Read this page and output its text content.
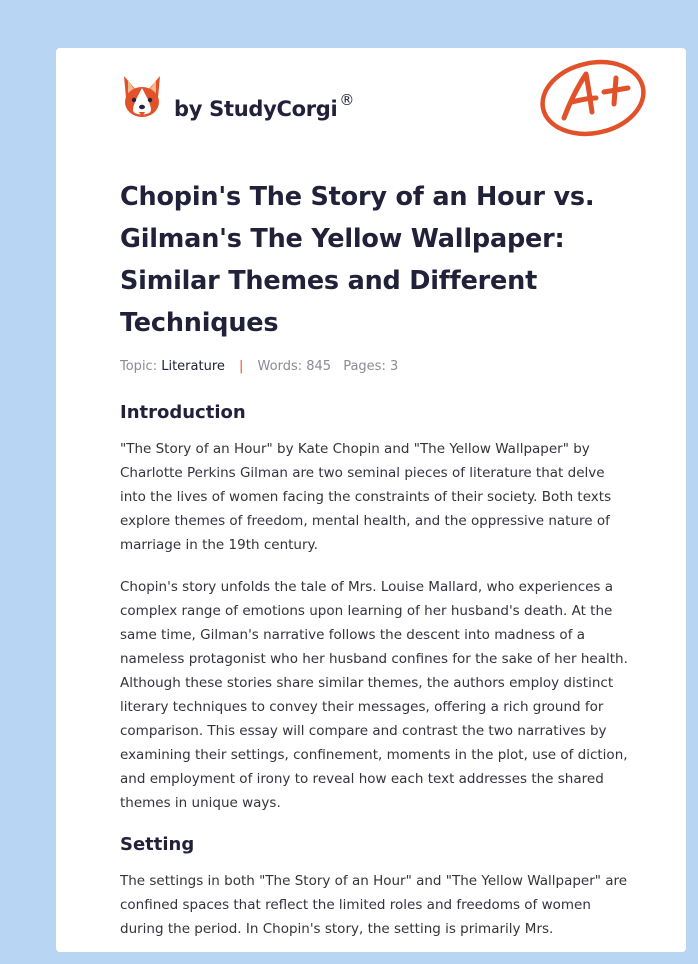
by StudyCorgi ®
Chopin's The Story of an Hour vs. Gilman's The Yellow Wallpaper: Similar Themes and Different Techniques
Topic: Literature | Words: 845 Pages: 3
Introduction

"The Story of an Hour" by Kate Chopin and "The Yellow Wallpaper" by Charlotte Perkins Gilman are two seminal pieces of literature that delve into the lives of women facing the constraints of their society. Both texts explore themes of freedom, mental health, and the oppressive nature of marriage in the 19th century.

Chopin's story unfolds the tale of Mrs. Louise Mallard, who experiences a complex range of emotions upon learning of her husband's death. At the same time, Gilman's narrative follows the descent into madness of a nameless protagonist who her husband confines for the sake of her health. Although these stories share similar themes, the authors employ distinct literary techniques to convey their messages, offering a rich ground for comparison. This essay will compare and contrast the two narratives by examining their settings, confinement, moments in the plot, use of diction, and employment of irony to reveal how each text addresses the shared themes in unique ways.

Setting

The settings in both "The Story of an Hour" and "The Yellow Wallpaper" are confined spaces that reflect the limited roles and freedoms of women during the period. In Chopin's story, the setting is primarily Mrs.
